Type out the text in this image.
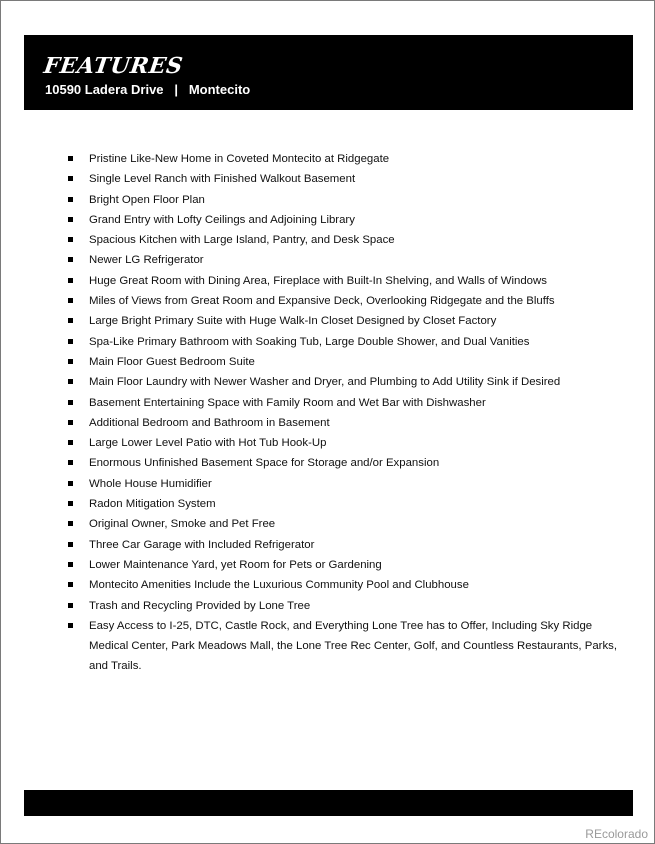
FEATURES
10590 Ladera Drive   |   Montecito
Pristine Like-New Home in Coveted Montecito at Ridgegate
Single Level Ranch with Finished Walkout Basement
Bright Open Floor Plan
Grand Entry with Lofty Ceilings and Adjoining Library
Spacious Kitchen with Large Island, Pantry, and Desk Space
Newer LG Refrigerator
Huge Great Room with Dining Area, Fireplace with Built-In Shelving, and Walls of Windows
Miles of Views from Great Room and Expansive Deck, Overlooking Ridgegate and the Bluffs
Large Bright Primary Suite with Huge Walk-In Closet Designed by Closet Factory
Spa-Like Primary Bathroom with Soaking Tub, Large Double Shower, and Dual Vanities
Main Floor Guest Bedroom Suite
Main Floor Laundry with Newer Washer and Dryer, and Plumbing to Add Utility Sink if Desired
Basement Entertaining Space with Family Room and Wet Bar with Dishwasher
Additional Bedroom and Bathroom in Basement
Large Lower Level Patio with Hot Tub Hook-Up
Enormous Unfinished Basement Space for Storage and/or Expansion
Whole House Humidifier
Radon Mitigation System
Original Owner, Smoke and Pet Free
Three Car Garage with Included Refrigerator
Lower Maintenance Yard, yet Room for Pets or Gardening
Montecito Amenities Include the Luxurious Community Pool and Clubhouse
Trash and Recycling Provided by Lone Tree
Easy Access to I-25, DTC, Castle Rock, and Everything Lone Tree has to Offer, Including Sky Ridge Medical Center, Park Meadows Mall, the Lone Tree Rec Center, Golf, and Countless Restaurants, Parks, and Trails.
REcolorado
